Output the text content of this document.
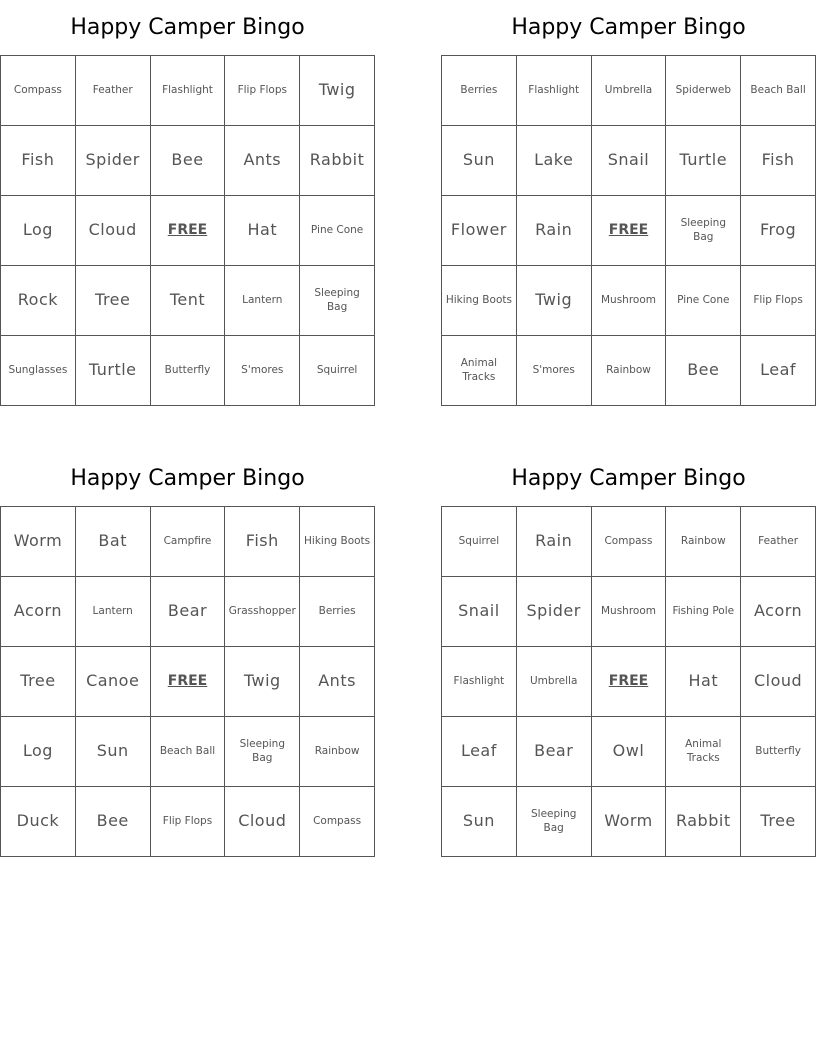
Happy Camper Bingo
Compass	Feather	Flashlight	Flip Flops	Twig
Fish	Spider	Bee	Ants	Rabbit
Log	Cloud	FREE	Hat	Pine Cone
Rock	Tree	Tent	Lantern	Sleeping Bag
Sunglasses	Turtle	Butterfly	S'mores	Squirrel
Happy Camper Bingo
Berries	Flashlight	Umbrella	Spiderweb	Beach Ball
Sun	Lake	Snail	Turtle	Fish
Flower	Rain	FREE	Sleeping Bag	Frog
Hiking Boots	Twig	Mushroom	Pine Cone	Flip Flops
Animal Tracks	S'mores	Rainbow	Bee	Leaf
Happy Camper Bingo
Worm	Bat	Campfire	Fish	Hiking Boots
Acorn	Lantern	Bear	Grasshopper	Berries
Tree	Canoe	FREE	Twig	Ants
Log	Sun	Beach Ball	Sleeping Bag	Rainbow
Duck	Bee	Flip Flops	Cloud	Compass
Happy Camper Bingo
Squirrel	Rain	Compass	Rainbow	Feather
Snail	Spider	Mushroom	Fishing Pole	Acorn
Flashlight	Umbrella	FREE	Hat	Cloud
Leaf	Bear	Owl	Animal Tracks	Butterfly
Sun	Sleeping Bag	Worm	Rabbit	Tree
